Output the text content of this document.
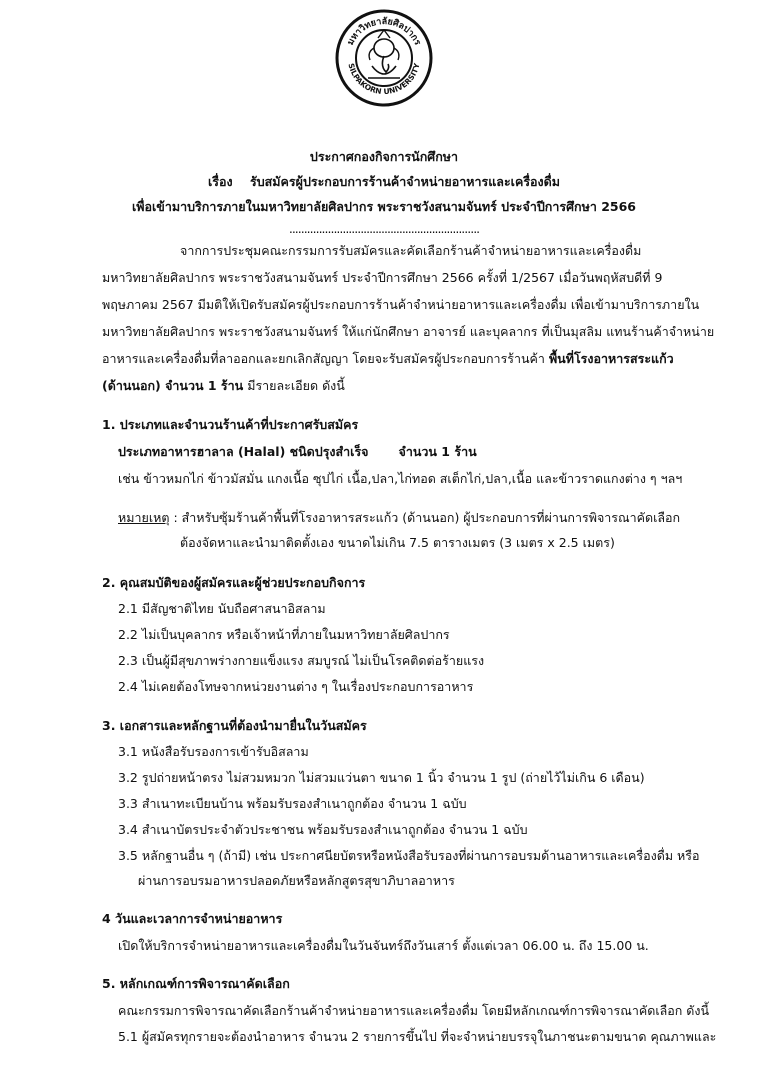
มหาวิทยาลัยศิลปากร
SILPAKORN UNIVERSITY
ประกาศกองกิจการนักศึกษา
เรื่อง รับสมัครผู้ประกอบการร้านค้าจำหน่ายอาหารและเครื่องดื่ม
เพื่อเข้ามาบริการภายในมหาวิทยาลัยศิลปากร พระราชวังสนามจันทร์ ประจำปีการศึกษา 2566
................................................................
จากการประชุมคณะกรรมการรับสมัครและคัดเลือกร้านค้าจำหน่ายอาหารและเครื่องดื่ม
มหาวิทยาลัยศิลปากร พระราชวังสนามจันทร์ ประจำปีการศึกษา 2566 ครั้งที่ 1/2567 เมื่อวันพฤหัสบดีที่ 9
พฤษภาคม 2567 มีมติให้เปิดรับสมัครผู้ประกอบการร้านค้าจำหน่ายอาหารและเครื่องดื่ม เพื่อเข้ามาบริการภายใน
มหาวิทยาลัยศิลปากร พระราชวังสนามจันทร์ ให้แก่นักศึกษา อาจารย์ และบุคลากร ที่เป็นมุสลิม แทนร้านค้าจำหน่าย
อาหารและเครื่องดื่มที่ลาออกและยกเลิกสัญญา โดยจะรับสมัครผู้ประกอบการร้านค้า พื้นที่โรงอาหารสระแก้ว
(ด้านนอก) จำนวน 1 ร้าน มีรายละเอียด ดังนี้
1. ประเภทและจำนวนร้านค้าที่ประกาศรับสมัคร
ประเภทอาหารฮาลาล (Halal) ชนิดปรุงสำเร็จ จำนวน 1 ร้าน
เช่น ข้าวหมกไก่ ข้าวมัสมั่น แกงเนื้อ ซุปไก่ เนื้อ,ปลา,ไก่ทอด สเต็กไก่,ปลา,เนื้อ และข้าวราดแกงต่าง ๆ ฯลฯ
หมายเหตุ : สำหรับซุ้มร้านค้าพื้นที่โรงอาหารสระแก้ว (ด้านนอก) ผู้ประกอบการที่ผ่านการพิจารณาคัดเลือก
ต้องจัดหาและนำมาติดตั้งเอง ขนาดไม่เกิน 7.5 ตารางเมตร (3 เมตร x 2.5 เมตร)
2. คุณสมบัติของผู้สมัครและผู้ช่วยประกอบกิจการ
2.1 มีสัญชาติไทย นับถือศาสนาอิสลาม
2.2 ไม่เป็นบุคลากร หรือเจ้าหน้าที่ภายในมหาวิทยาลัยศิลปากร
2.3 เป็นผู้มีสุขภาพร่างกายแข็งแรง สมบูรณ์ ไม่เป็นโรคติดต่อร้ายแรง
2.4 ไม่เคยต้องโทษจากหน่วยงานต่าง ๆ ในเรื่องประกอบการอาหาร
3. เอกสารและหลักฐานที่ต้องนำมายื่นในวันสมัคร
3.1 หนังสือรับรองการเข้ารับอิสลาม
3.2 รูปถ่ายหน้าตรง ไม่สวมหมวก ไม่สวมแว่นตา ขนาด 1 นิ้ว จำนวน 1 รูป (ถ่ายไว้ไม่เกิน 6 เดือน)
3.3 สำเนาทะเบียนบ้าน พร้อมรับรองสำเนาถูกต้อง จำนวน 1 ฉบับ
3.4 สำเนาบัตรประจำตัวประชาชน พร้อมรับรองสำเนาถูกต้อง จำนวน 1 ฉบับ
3.5 หลักฐานอื่น ๆ (ถ้ามี) เช่น ประกาศนียบัตรหรือหนังสือรับรองที่ผ่านการอบรมด้านอาหารและเครื่องดื่ม หรือ
ผ่านการอบรมอาหารปลอดภัยหรือหลักสูตรสุขาภิบาลอาหาร
4 วันและเวลาการจำหน่ายอาหาร
เปิดให้บริการจำหน่ายอาหารและเครื่องดื่มในวันจันทร์ถึงวันเสาร์ ตั้งแต่เวลา 06.00 น. ถึง 15.00 น.
5. หลักเกณฑ์การพิจารณาคัดเลือก
คณะกรรมการพิจารณาคัดเลือกร้านค้าจำหน่ายอาหารและเครื่องดื่ม โดยมีหลักเกณฑ์การพิจารณาคัดเลือก ดังนี้
5.1 ผู้สมัครทุกรายจะต้องนำอาหาร จำนวน 2 รายการขึ้นไป ที่จะจำหน่ายบรรจุในภาชนะตามขนาด คุณภาพและ
